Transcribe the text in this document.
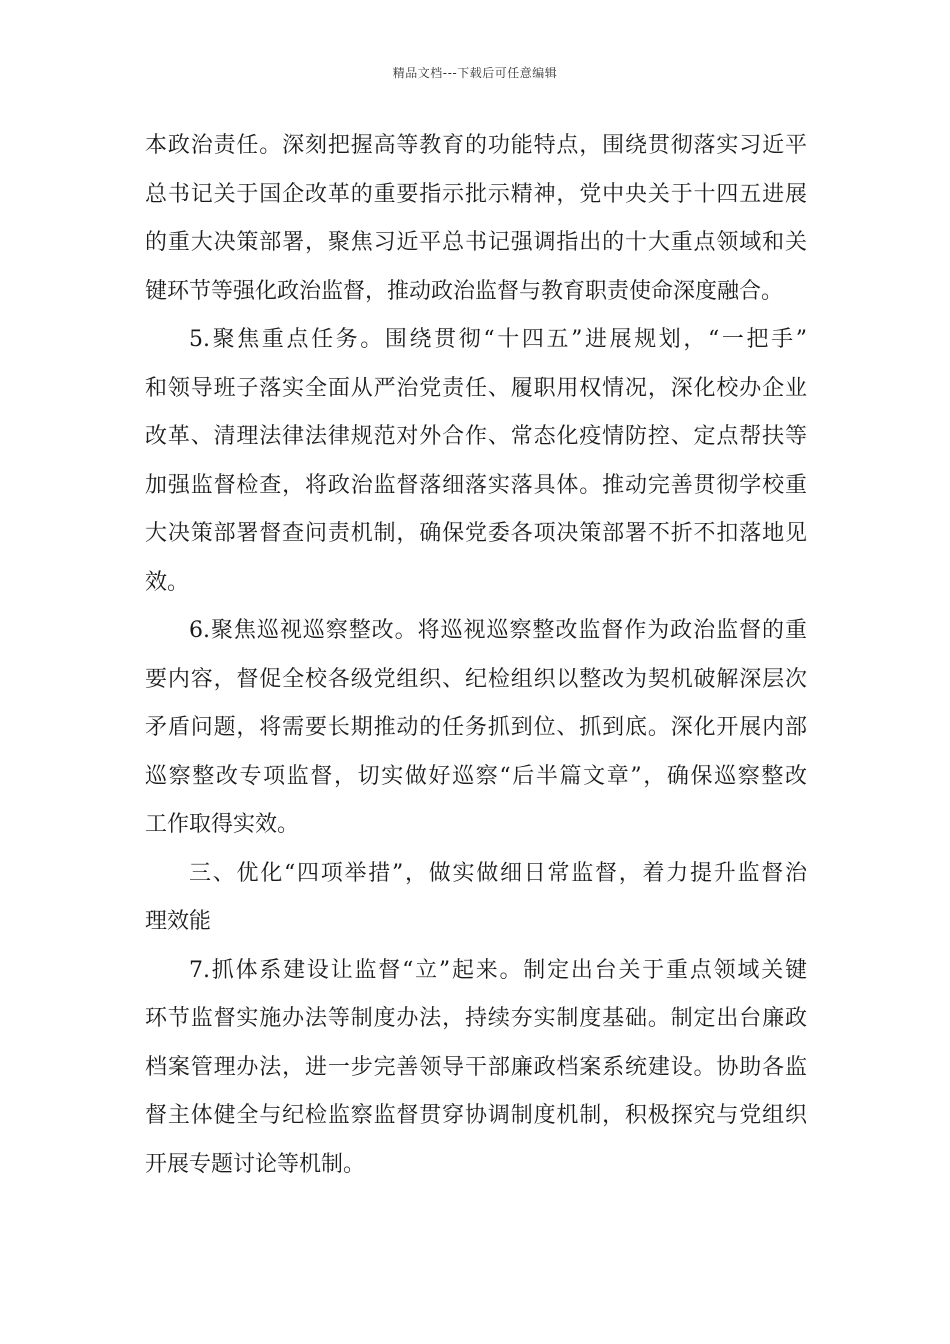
精品文档---下载后可任意编辑
本政治责任。深刻把握高等教育的功能特点，围绕贯彻落实习近平
总书记关于国企改革的重要指示批示精神，党中央关于十四五进展
的重大决策部署，聚焦习近平总书记强调指出的十大重点领域和关
键环节等强化政治监督，推动政治监督与教育职责使命深度融合。
5.聚焦重点任务。围绕贯彻“十四五”进展规划，“一把手”
和领导班子落实全面从严治党责任、履职用权情况，深化校办企业
改革、清理法律法律规范对外合作、常态化疫情防控、定点帮扶等
加强监督检查，将政治监督落细落实落具体。推动完善贯彻学校重
大决策部署督查问责机制，确保党委各项决策部署不折不扣落地见
效。
6.聚焦巡视巡察整改。将巡视巡察整改监督作为政治监督的重
要内容，督促全校各级党组织、纪检组织以整改为契机破解深层次
矛盾问题，将需要长期推动的任务抓到位、抓到底。深化开展内部
巡察整改专项监督，切实做好巡察“后半篇文章”，确保巡察整改
工作取得实效。
三、优化“四项举措”，做实做细日常监督，着力提升监督治
理效能
7.抓体系建设让监督“立”起来。制定出台关于重点领域关键
环节监督实施办法等制度办法，持续夯实制度基础。制定出台廉政
档案管理办法，进一步完善领导干部廉政档案系统建设。协助各监
督主体健全与纪检监察监督贯穿协调制度机制，积极探究与党组织
开展专题讨论等机制。
